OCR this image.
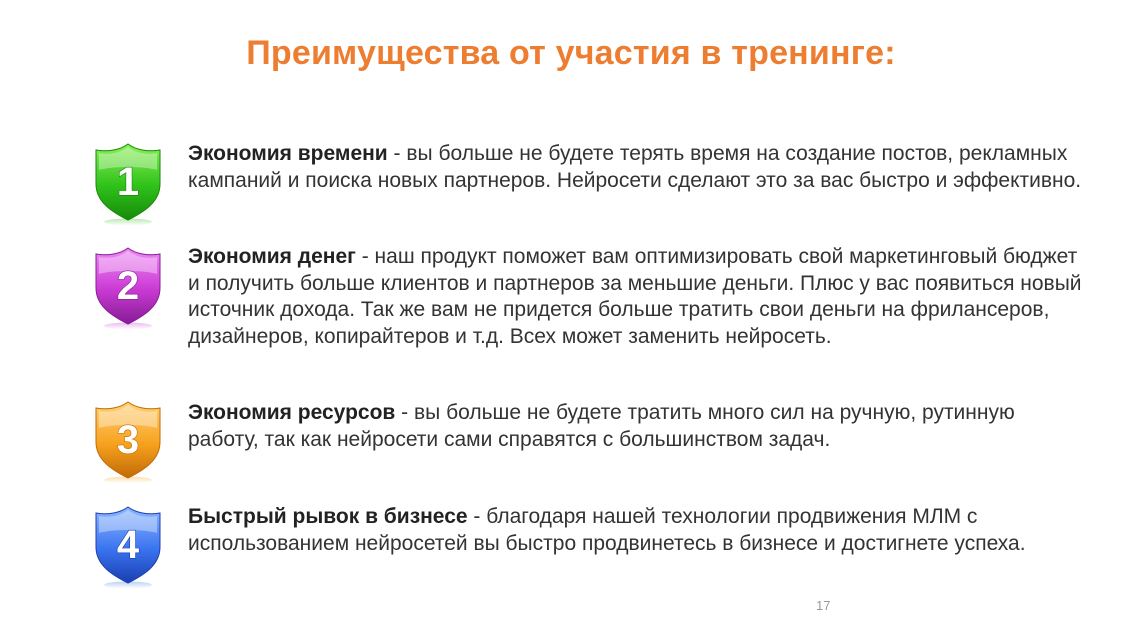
Преимущества от участия в тренинге:
1
Экономия времени - вы больше не будете терять время на создание постов, рекламных кампаний и поиска новых партнеров. Нейросети сделают это за вас быстро и эффективно.
2
Экономия денег - наш продукт поможет вам оптимизировать свой маркетинговый бюджет и получить больше клиентов и партнеров за меньшие деньги. Плюс у вас появиться новый источник дохода. Так же вам не придется больше тратить свои деньги на фрилансеров, дизайнеров, копирайтеров и т.д. Всех может заменить нейросеть.
3
Экономия ресурсов - вы больше не будете тратить много сил на ручную, рутинную работу, так как нейросети сами справятся с большинством задач.
4
Быстрый рывок в бизнесе - благодаря нашей технологии продвижения МЛМ с использованием нейросетей вы быстро продвинетесь в бизнесе и достигнете успеха.
17
